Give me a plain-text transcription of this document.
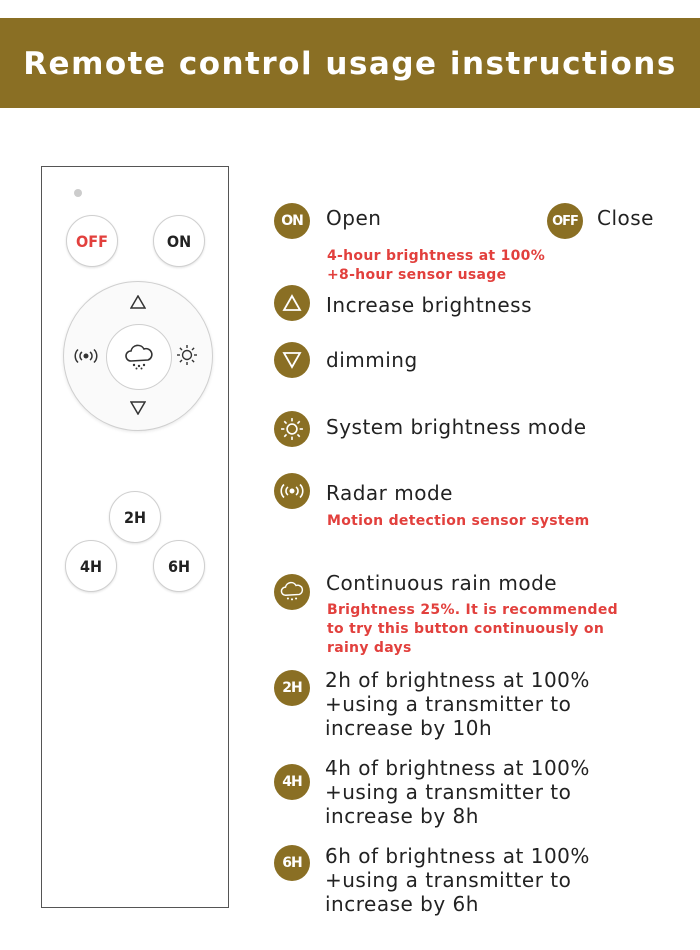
Remote control usage instructions
OFF	ON
2H
4H	6H
ON	Open	OFF Close
4-hour brightness at 100%
+8-hour sensor usage
Increase brightness
dimming
System brightness mode
Radar mode
Motion detection sensor system
Continuous rain mode
Brightness 25%. It is recommended
to try this button continuously on
rainy days
2H	2h of brightness at 100%
+using a transmitter to
increase by 10h
4H
4h of brightness at 100%
+using a transmitter to
increase by 8h
6H	6h of brightness at 100%
+using a transmitter to
increase by 6h
